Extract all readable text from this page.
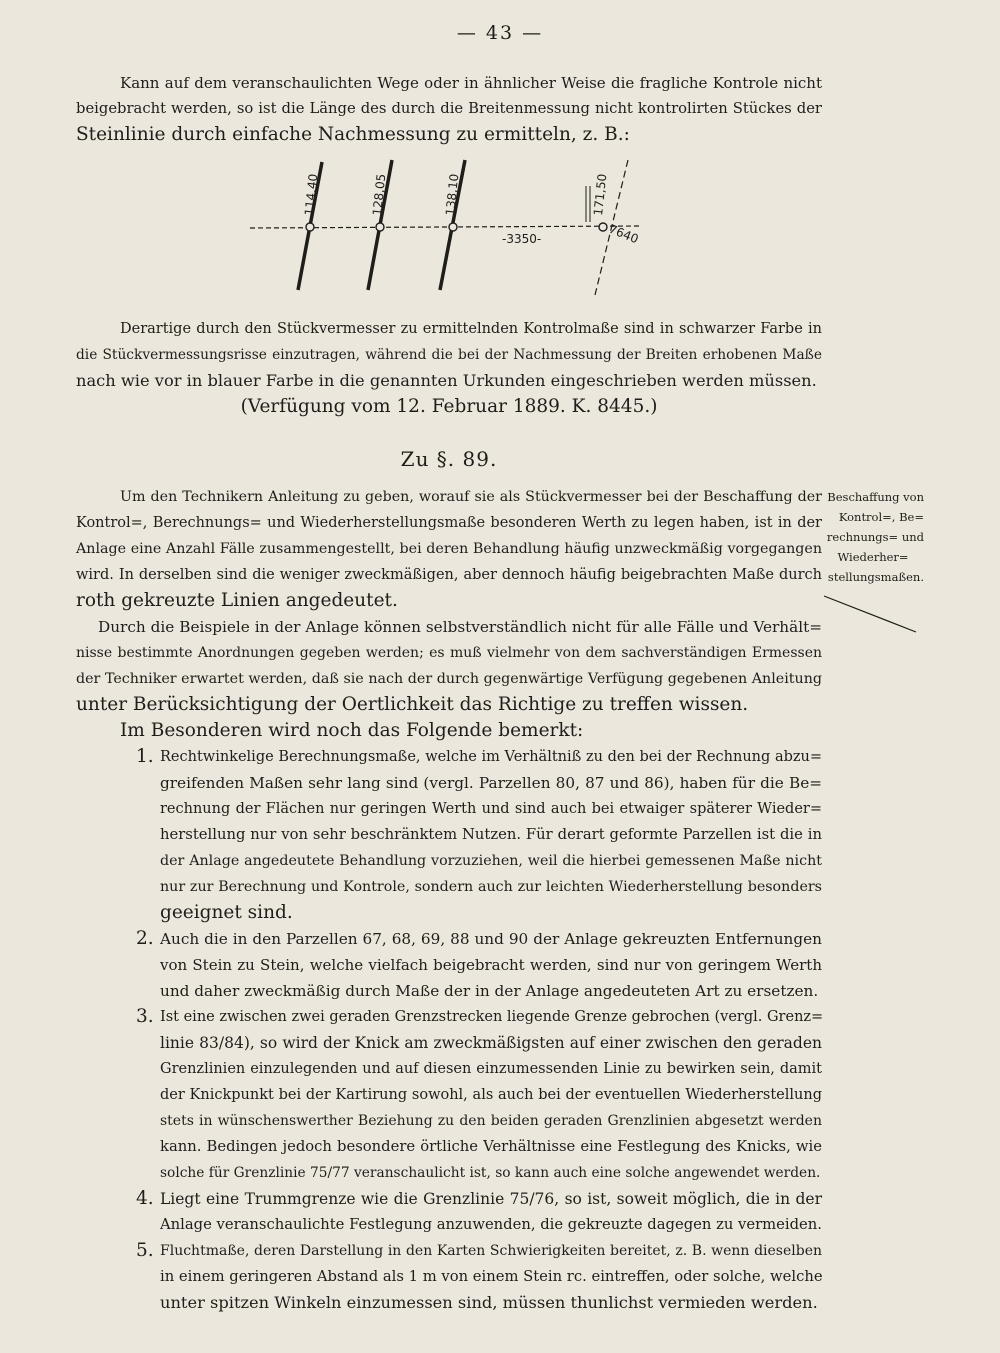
— 43 —
Kann auf dem veranschaulichten Wege oder in ähnlicher Weise die fragliche Kontrole nicht
beigebracht werden, so ist die Länge des durch die Breitenmessung nicht kontrolirten Stückes der
Steinlinie durch einfache Nachmessung zu ermitteln, z. B.:
114,40	128,05	138,10	171,50
-3350-	7640
Derartige durch den Stückvermesser zu ermittelnden Kontrolmaße sind in schwarzer Farbe in
die Stückvermessungsrisse einzutragen, während die bei der Nachmessung der Breiten erhobenen Maße
nach wie vor in blauer Farbe in die genannten Urkunden eingeschrieben werden müssen.
(Verfügung vom 12. Februar 1889. K. 8445.)
Zu §. 89.
Um den Technikern Anleitung zu geben, worauf sie als Stückvermesser bei der Beschaffung der
Kontrol=, Berechnungs= und Wiederherstellungsmaße besonderen Werth zu legen haben, ist in der
Anlage eine Anzahl Fälle zusammengestellt, bei deren Behandlung häufig unzweckmäßig vorgegangen
wird. In derselben sind die weniger zweckmäßigen, aber dennoch häufig beigebrachten Maße durch
roth gekreuzte Linien angedeutet.
Durch die Beispiele in der Anlage können selbstverständlich nicht für alle Fälle und Verhält=
nisse bestimmte Anordnungen gegeben werden; es muß vielmehr von dem sachverständigen Ermessen
der Techniker erwartet werden, daß sie nach der durch gegenwärtige Verfügung gegebenen Anleitung
unter Berücksichtigung der Oertlichkeit das Richtige zu treffen wissen.
Im Besonderen wird noch das Folgende bemerkt:
Beschaffung von
Kontrol=, Be=
rechnungs= und
Wiederher=
stellungsmaßen.
1. Rechtwinkelige Berechnungsmaße, welche im Verhältniß zu den bei der Rechnung abzu=
greifenden Maßen sehr lang sind (vergl. Parzellen 80, 87 und 86), haben für die Be=
rechnung der Flächen nur geringen Werth und sind auch bei etwaiger späterer Wieder=
herstellung nur von sehr beschränktem Nutzen. Für derart geformte Parzellen ist die in
der Anlage angedeutete Behandlung vorzuziehen, weil die hierbei gemessenen Maße nicht
nur zur Berechnung und Kontrole, sondern auch zur leichten Wiederherstellung besonders
geeignet sind.
2. Auch die in den Parzellen 67, 68, 69, 88 und 90 der Anlage gekreuzten Entfernungen
von Stein zu Stein, welche vielfach beigebracht werden, sind nur von geringem Werth
und daher zweckmäßig durch Maße der in der Anlage angedeuteten Art zu ersetzen.
3. Ist eine zwischen zwei geraden Grenzstrecken liegende Grenze gebrochen (vergl. Grenz=
linie 83/84), so wird der Knick am zweckmäßigsten auf einer zwischen den geraden
Grenzlinien einzulegenden und auf diesen einzumessenden Linie zu bewirken sein, damit
der Knickpunkt bei der Kartirung sowohl, als auch bei der eventuellen Wiederherstellung
stets in wünschenswerther Beziehung zu den beiden geraden Grenzlinien abgesetzt werden
kann. Bedingen jedoch besondere örtliche Verhältnisse eine Festlegung des Knicks, wie
solche für Grenzlinie 75/77 veranschaulicht ist, so kann auch eine solche angewendet werden.
4. Liegt eine Trummgrenze wie die Grenzlinie 75/76, so ist, soweit möglich, die in der
Anlage veranschaulichte Festlegung anzuwenden, die gekreuzte dagegen zu vermeiden.
5. Fluchtmaße, deren Darstellung in den Karten Schwierigkeiten bereitet, z. B. wenn dieselben
in einem geringeren Abstand als 1 m von einem Stein rc. eintreffen, oder solche, welche
unter spitzen Winkeln einzumessen sind, müssen thunlichst vermieden werden.
